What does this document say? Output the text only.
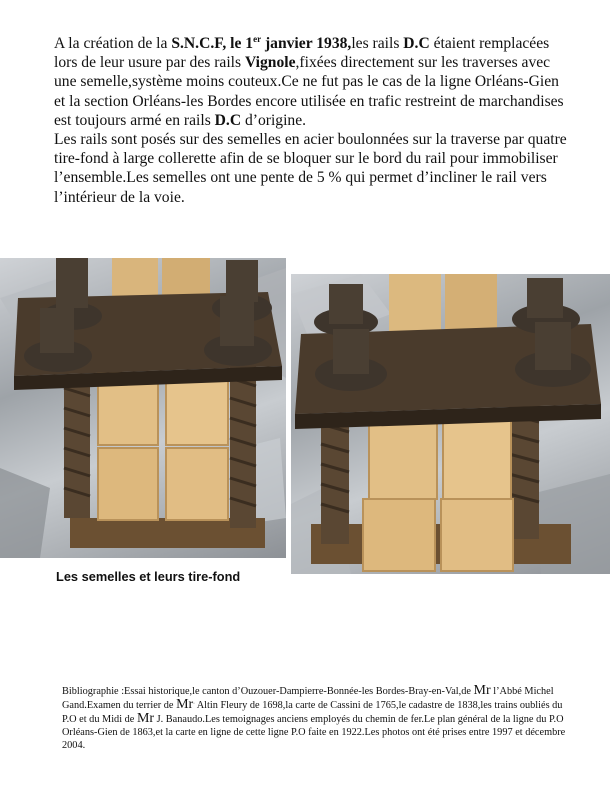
A la création de la S.N.C.F, le 1er janvier 1938,les rails D.C étaient remplacées lors de leur usure par des rails Vignole,fixées directement sur les traverses avec une semelle,système moins couteux.Ce ne fut pas le cas de la ligne Orléans-Gien et la section Orléans-les Bordes encore utilisée en trafic restreint de marchandises est toujours armé en rails D.C d’origine.

Les rails sont posés sur des semelles en acier boulonnées sur la traverse par quatre tire-fond à large collerette afin de se bloquer sur le bord du rail pour immobiliser l’ensemble.Les semelles ont une pente de 5 % qui permet d’incliner le rail vers l’intérieur de la voie.

Les semelles et leurs tire-fond

Bibliographie :Essai historique,le canton d’Ouzouer-Dampierre-Bonnée-les Bordes-Bray-en-Val,de Mr l’Abbé Michel Gand.Examen du terrier de Mr. Altin Fleury de 1698,la carte de Cassini de 1765,le cadastre de 1838,les trains oubliés du P.O et du Midi de Mr J. Banaudo.Les temoignages anciens employés du chemin de fer.Le plan général de la ligne du P.O Orléans-Gien de 1863,et la carte en ligne de cette ligne P.O faite en 1922.Les photos ont été prises entre 1997 et décembre 2004.
